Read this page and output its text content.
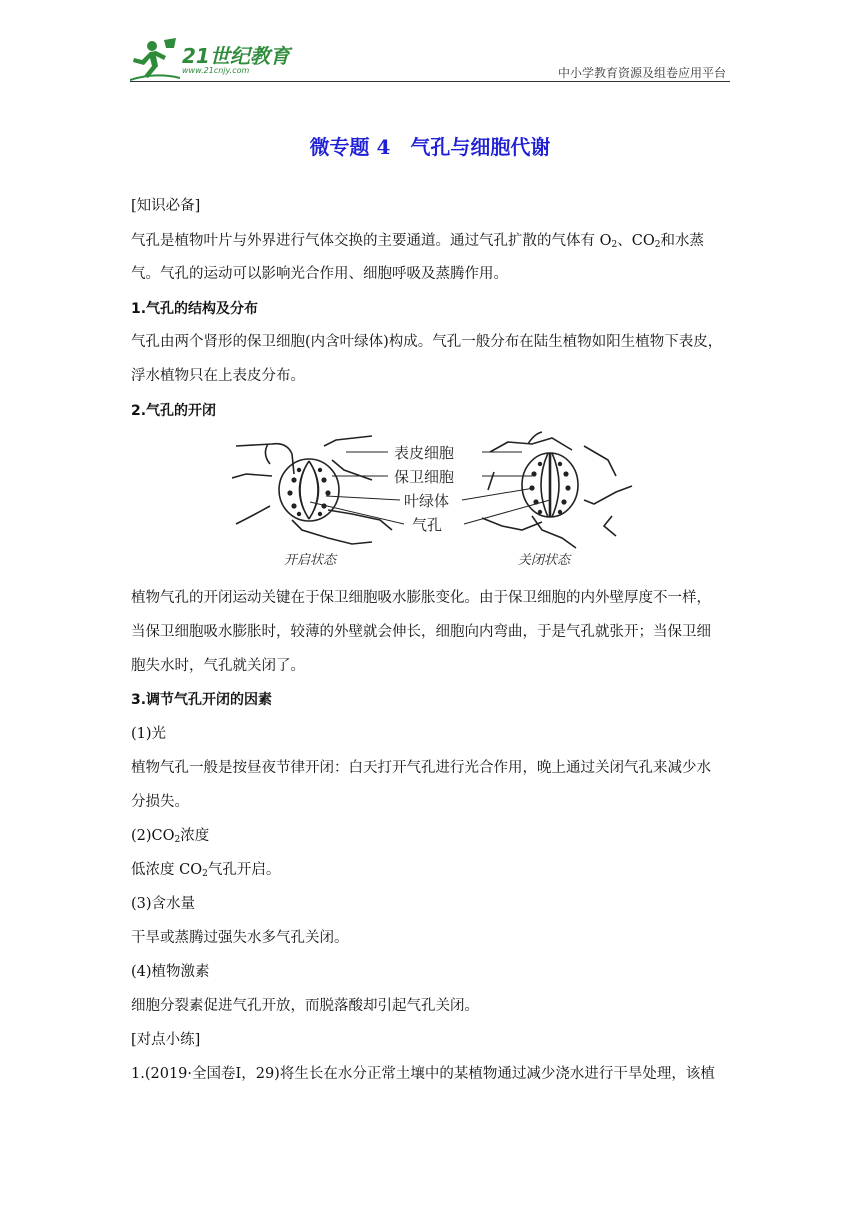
21世纪教育
www.21cnjy.com	中小学教育资源及组卷应用平台
微专题 4　气孔与细胞代谢
[知识必备]
气孔是植物叶片与外界进行气体交换的主要通道。通过气孔扩散的气体有 $O_2$、$CO_2$和水蒸
气。气孔的运动可以影响光合作用、细胞呼吸及蒸腾作用。
1.气孔的结构及分布
气孔由两个肾形的保卫细胞(内含叶绿体)构成。气孔一般分布在陆生植物如阳生植物下表皮，
浮水植物只在上表皮分布。
2.气孔的开闭
表皮细胞
保卫细胞
叶绿体
气孔
开启状态	关闭状态
植物气孔的开闭运动关键在于保卫细胞吸水膨胀变化。由于保卫细胞的内外壁厚度不一样，
当保卫细胞吸水膨胀时，较薄的外壁就会伸长，细胞向内弯曲，于是气孔就张开；当保卫细
胞失水时，气孔就关闭了。
3.调节气孔开闭的因素
(1)光
植物气孔一般是按昼夜节律开闭：白天打开气孔进行光合作用，晚上通过关闭气孔来减少水
分损失。
$(2)CO_2$浓度
低浓度 $CO_2$气孔开启。
(3)含水量
干旱或蒸腾过强失水多气孔关闭。
(4)植物激素
细胞分裂素促进气孔开放，而脱落酸却引起气孔关闭。
[对点小练]
1.(2019·全国卷Ⅰ，29)将生长在水分正常土壤中的某植物通过减少浇水进行干旱处理，该植
